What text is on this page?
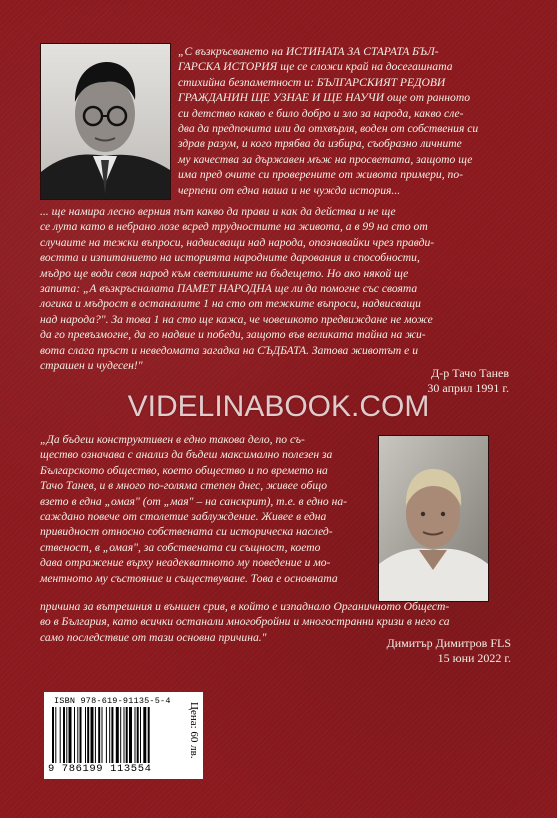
„С възкръсването на ИСТИНАТА ЗА СТАРАТА БЪЛ-
ГАРСКА ИСТОРИЯ ще се сложи край на досегашната
стихийна безпаметност и: БЪЛГАРСКИЯТ РЕДОВИ
ГРАЖДАНИН ЩЕ УЗНАЕ И ЩЕ НАУЧИ още от ранното
си детство какво е било добро и зло за народа, какво сле-
два да предпочита или да отхвърля, воден от собствения си
здрав разум, и кого трябва да избира, съобразно личните
му качества за държавен мъж на просветата, защото ще
има пред очите си проверените от живота примери, по-
черпени от една наша и не чужда история...
... ще намира лесно верния път какво да прави и как да действа и не ще
се лута като в небрано лозе всред трудностите на живота, а в 99 на сто от
случаите на тежки въпроси, надвисващи над народа, опознавайки чрез правди-
востта и изпитанието на историята народните дарования и способности,
мъдро ще води своя народ към светлините на бъдещето. Но ако някой ще
запита: „А възкръсналата ПАМЕТ НАРОДНА ще ли да помогне със своята
логика и мъдрост в останалите 1 на сто от тежките въпроси, надвисващи
над народа?". За това 1 на сто ще кажа, че човешкото предвиждане не може
да го превъзмогне, да го надвие и победи, защото във великата тайна на жи-
вота слага пръст и неведомата загадка на СЪДБАТА. Затова животът е и
страшен и чудесен!"
Д-р Тачо Танев
30 април 1991 г.
VIDELINABOOK.COM
„Да бъдеш конструктивен в едно такова дело, по съ-
щество означава с анализ да бъдеш максимално полезен за
Българското общество, което общество и по времето на
Тачо Танев, и в много по-голяма степен днес, живее общо
взето в една „омая" (от „мая" – на санскрит), т.е. в едно на-
саждано повече от столетие заблуждение. Живее в една
привидност относно собствената си историческа наслед-
ственост, в „омая", за собствената си същност, което
дава отражение върху неадекватното му поведение и мо-
ментното му състояние и съществуване. Това е основната
причина за вътрешния и външен срив, в който е изпаднало Органичното Общест-
во в България, като всички останали многобройни и многостранни кризи в него са
само последствие от тази основна причина."	Димитър Димитров FLS
15 юни 2022 г.
ISBN 978-619-91135-5-4
9 786199 113554
Цена: 60 лв.
